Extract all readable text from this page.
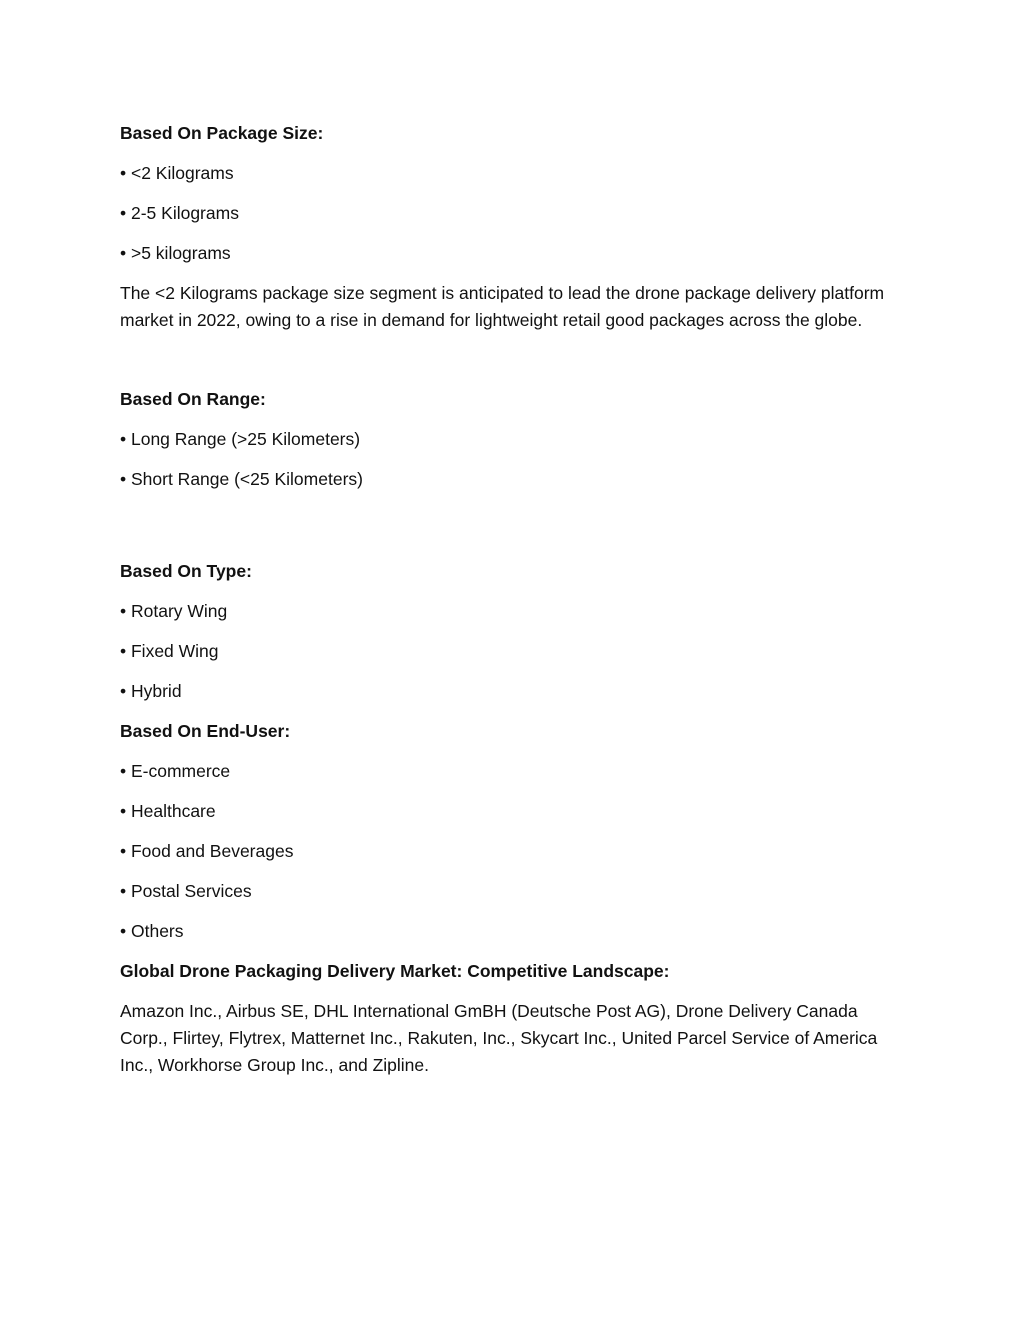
Based On Package Size:
• <2 Kilograms
• 2-5 Kilograms
• >5 kilograms

The <2 Kilograms package size segment is anticipated to lead the drone package delivery platform market in 2022, owing to a rise in demand for lightweight retail good packages across the globe.

Based On Range:
• Long Range (>25 Kilometers)
• Short Range (<25 Kilometers)
Based On Type:
• Rotary Wing
• Fixed Wing
• Hybrid
Based On End-User:
• E-commerce
• Healthcare
• Food and Beverages
• Postal Services
• Others
Global Drone Packaging Delivery Market: Competitive Landscape:

Amazon Inc., Airbus SE, DHL International GmBH (Deutsche Post AG), Drone Delivery Canada Corp., Flirtey, Flytrex, Matternet Inc., Rakuten, Inc., Skycart Inc., United Parcel Service of America Inc., Workhorse Group Inc., and Zipline.
